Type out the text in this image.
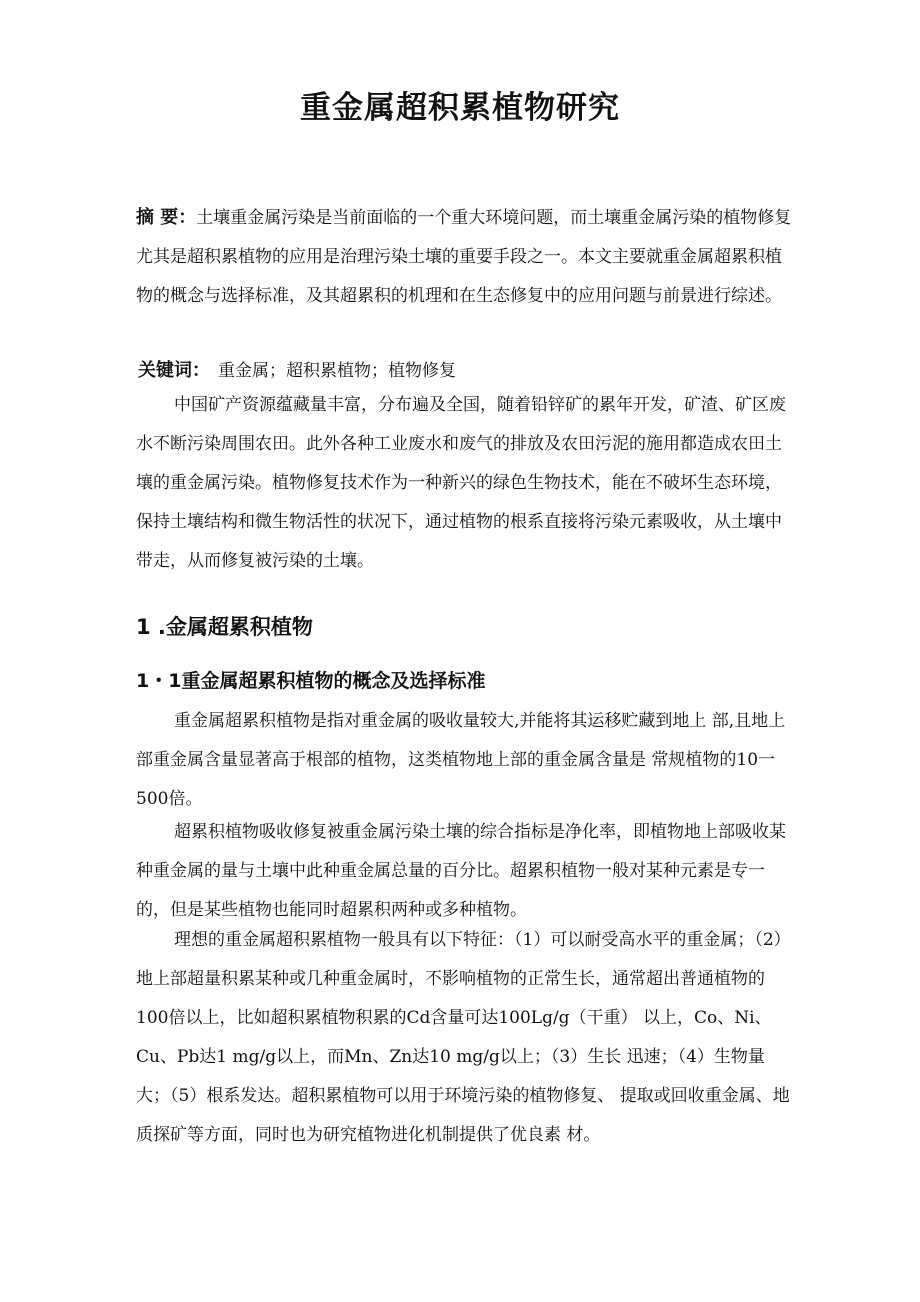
重金属超积累植物研究

摘 要：土壤重金属污染是当前面临的一个重大环境问题，而土壤重金属污染的植物修复尤其是超积累植物的应用是治理污染土壤的重要手段之一。本文主要就重金属超累积植物的概念与选择标准，及其超累积的机理和在生态修复中的应用问题与前景进行综述。

关键词： 重金属；超积累植物；植物修复

中国矿产资源蕴藏量丰富，分布遍及全国，随着铅锌矿的累年开发，矿渣、矿区废水不断污染周围农田。此外各种工业废水和废气的排放及农田污泥的施用都造成农田土壤的重金属污染。植物修复技术作为一种新兴的绿色生物技术，能在不破坏生态环境，保持土壤结构和微生物活性的状况下，通过植物的根系直接将污染元素吸收，从土壤中带走，从而修复被污染的土壤。

1 .金属超累积植物
1・1重金属超累积植物的概念及选择标准

重金属超累积植物是指对重金属的吸收量较大,并能将其运移贮藏到地上 部,且地上部重金属含量显著高于根部的植物，这类植物地上部的重金属含量是 常规植物的10一 500倍。

超累积植物吸收修复被重金属污染土壤的综合指标是净化率，即植物地上部吸收某种重金属的量与土壤中此种重金属总量的百分比。超累积植物一般对某种元素是专一的，但是某些植物也能同时超累积两种或多种植物。

理想的重金属超积累植物一般具有以下特征：（1）可以耐受高水平的重金属；（2）地上部超量积累某种或几种重金属时，不影响植物的正常生长，通常超出普通植物的100倍以上，比如超积累植物积累的Cd含量可达100Lg/g（干重） 以上，Co、Ni、Cu、Pb达1 mg/g以上，而Mn、Zn达10 mg/g以上；（3）生长 迅速；（4）生物量大；（5）根系发达。超积累植物可以用于环境污染的植物修复、 提取或回收重金属、地质探矿等方面，同时也为研究植物进化机制提供了优良素 材。
